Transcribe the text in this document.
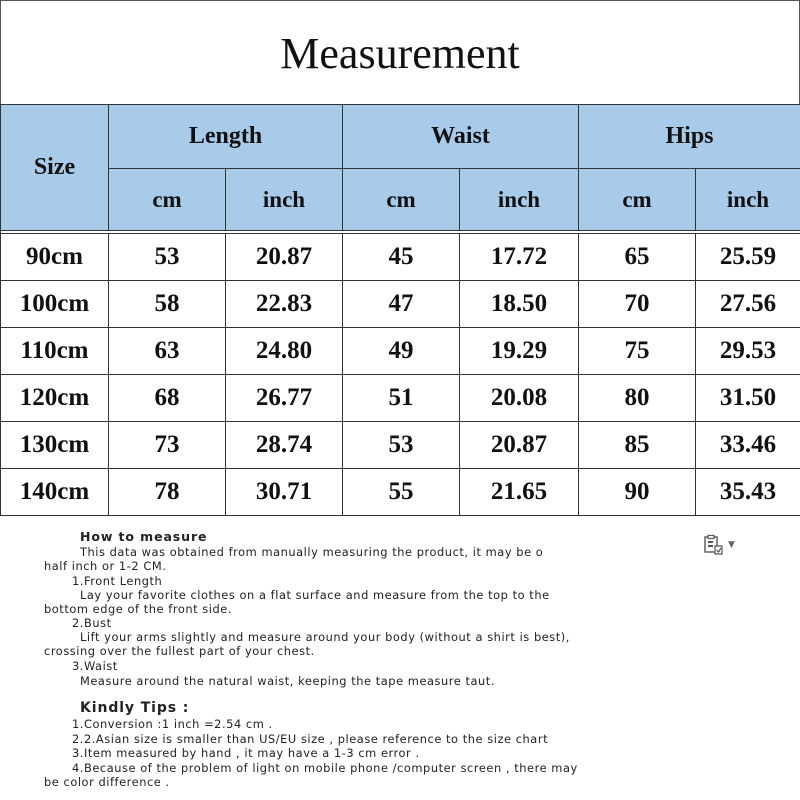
Measurement
Size	Length		Waist		Hips	
	cm	inch	cm	inch	cm	inch

90cm	53	20.87	45	17.72	65	25.59
100cm	58	22.83	47	18.50	70	27.56
110cm	63	24.80	49	19.29	75	29.53
120cm	68	26.77	51	20.08	80	31.50
130cm	73	28.74	53	20.87	85	33.46
140cm	78	30.71	55	21.65	90	35.43
How to measure
This data was obtained from manually measuring the product, it may be o
half inch or 1-2 CM.
1.Front Length
Lay your favorite clothes on a flat surface and measure from the top to the
bottom edge of the front side.
2.Bust
Lift your arms slightly and measure around your body (without a shirt is best),
crossing over the fullest part of your chest.
3.Waist
Measure around the natural waist, keeping the tape measure taut.
Kindly Tips :
1.Conversion :1 inch =2.54 cm .
2.2.Asian size is smaller than US/EU size , please reference to the size chart
3.Item measured by hand , it may have a 1-3 cm error .
4.Because of the problem of light on mobile phone /computer screen , there may
be color difference .
▼
